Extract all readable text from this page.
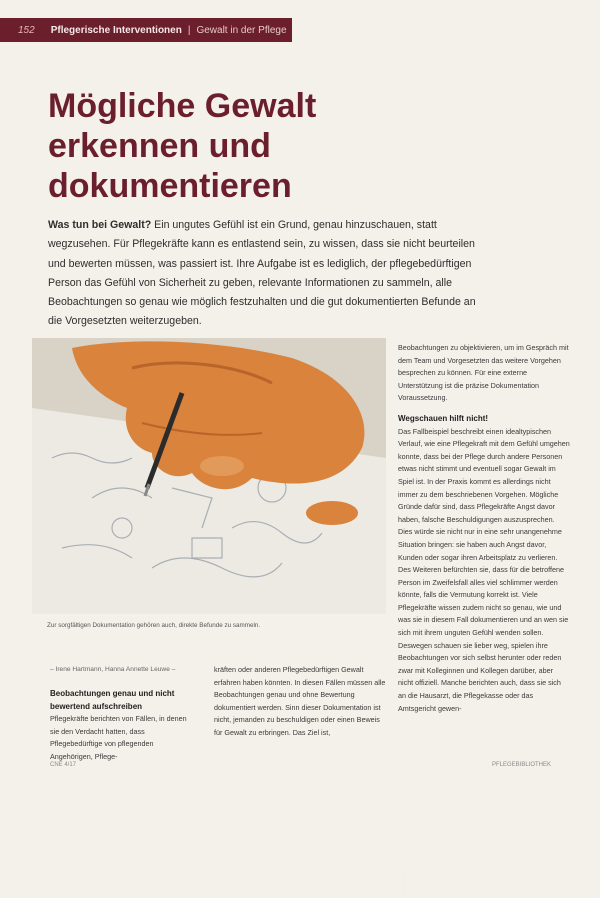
152 Pflegerische Interventionen | Gewalt in der Pflege
Mögliche Gewalt
erkennen und
dokumentieren
Was tun bei Gewalt? Ein ungutes Gefühl ist ein Grund, genau hinzuschauen, statt wegzusehen. Für Pflegekräfte kann es entlastend sein, zu wissen, dass sie nicht beurteilen und bewerten müssen, was passiert ist. Ihre Aufgabe ist es lediglich, der pflegebedürftigen Person das Gefühl von Sicherheit zu geben, relevante Informationen zu sammeln, alle Beobachtungen so genau wie möglich festzuhalten und die gut dokumentierten Befunde an die Vorgesetzten weiterzugeben.
© KRUSIO
Zur sorgfältigen Dokumentation gehören auch, direkte Befunde zu sammeln.

Beobachtungen zu objektivieren, um im Gespräch mit dem Team und Vorgesetzten das weitere Vorgehen besprechen zu können. Für eine externe Unterstützung ist die präzise Dokumentation Voraussetzung.

Wegschauen hilft nicht!

Das Fallbeispiel beschreibt einen idealtypischen Verlauf, wie eine Pflegekraft mit dem Gefühl umgehen konnte, dass bei der Pflege durch andere Personen etwas nicht stimmt und eventuell sogar Gewalt im Spiel ist. In der Praxis kommt es allerdings nicht immer zu dem beschriebenen Vorgehen. Mögliche Gründe dafür sind, dass Pflegekräfte Angst davor haben, falsche Beschuldigungen auszusprechen. Dies würde sie nicht nur in eine sehr unangenehme Situation bringen: sie haben auch Angst davor, Kunden oder sogar ihren Arbeitsplatz zu verlieren. Des Weiteren befürchten sie, dass für die betroffene Person im Zweifelsfall alles viel schlimmer werden könnte, falls die Vermutung korrekt ist. Viele Pflegekräfte wissen zudem nicht so genau, wie und was sie in diesem Fall dokumentieren und an wen sie sich mit ihrem unguten Gefühl wenden sollen. Deswegen schauen sie lieber weg, spielen ihre Beobachtungen vor sich selbst herunter oder reden zwar mit Kolleginnen und Kollegen darüber, aber nicht offiziell. Manche berichten auch, dass sie sich an die Hausarzt, die Pflegekasse oder das Amtsgericht gewen-

– Irene Hartmann, Hanna Annette Leuwe –
Beobachtungen genau und nicht bewertend aufschreiben

Pflegekräfte berichten von Fällen, in denen sie den Verdacht hatten, dass Pflegebedürftige von pflegenden Angehörigen, Pflege-

kräften oder anderen Pflegebedürftigen Gewalt erfahren haben könnten. In diesen Fällen müssen alle Beobachtungen genau und ohne Bewertung dokumentiert werden. Sinn dieser Dokumentation ist nicht, jemanden zu beschuldigen oder einen Beweis für Gewalt zu erbringen. Das Ziel ist,

CNE 4/17	PFLEGEBIBLIOTHEK
